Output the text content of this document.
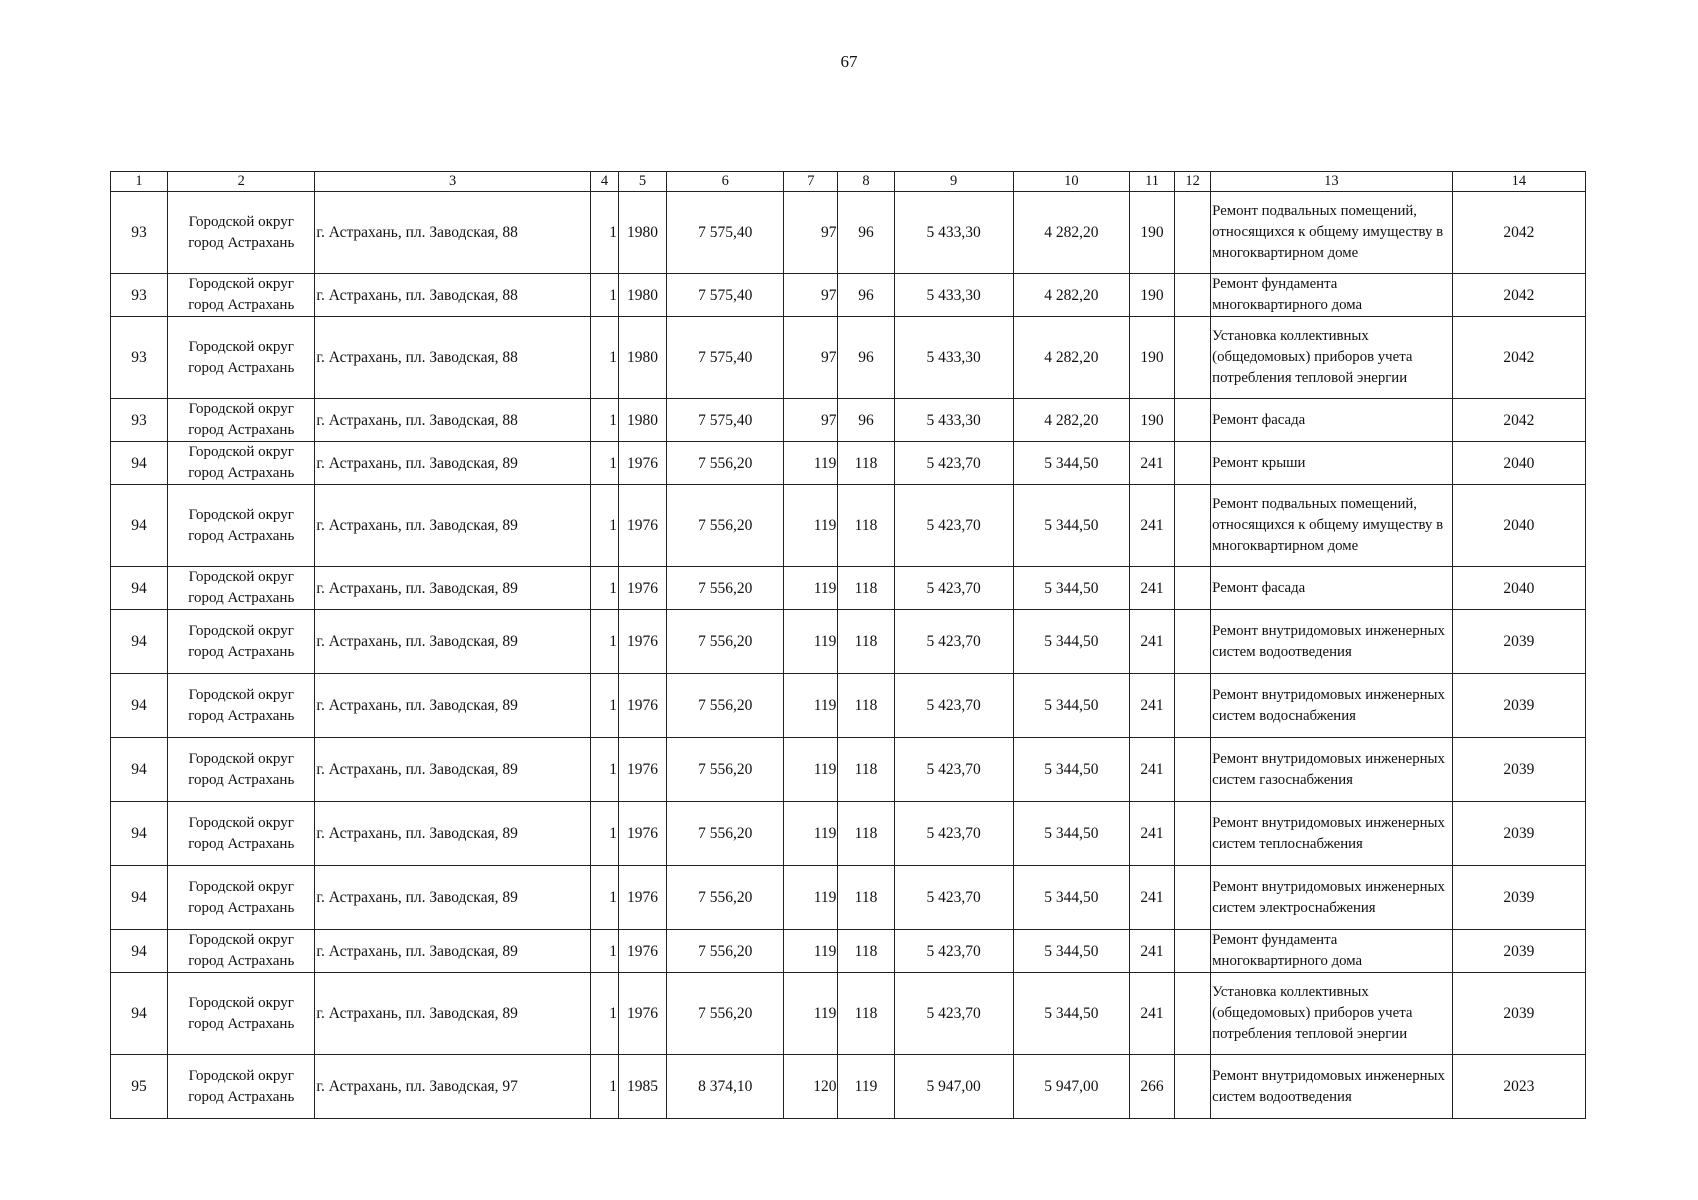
67
1	2	3	4	5	6	7	8	9	10	11	12	13	14
93	Городской округ город Астрахань	г. Астрахань, пл. Заводская, 88	1	1980	7 575,40	97	96	5 433,30	4 282,20	190		Ремонт подвальных помещений, относящихся к общему имуществу в многоквартирном доме	2042
93	Городской округ город Астрахань	г. Астрахань, пл. Заводская, 88	1	1980	7 575,40	97	96	5 433,30	4 282,20	190		Ремонт фундамента многоквартирного дома	2042
93	Городской округ город Астрахань	г. Астрахань, пл. Заводская, 88	1	1980	7 575,40	97	96	5 433,30	4 282,20	190		Установка коллективных (общедомовых) приборов учета потребления тепловой энергии	2042
93	Городской округ город Астрахань	г. Астрахань, пл. Заводская, 88	1	1980	7 575,40	97	96	5 433,30	4 282,20	190		Ремонт фасада	2042
94	Городской округ город Астрахань	г. Астрахань, пл. Заводская, 89	1	1976	7 556,20	119	118	5 423,70	5 344,50	241		Ремонт крыши	2040
94	Городской округ город Астрахань	г. Астрахань, пл. Заводская, 89	1	1976	7 556,20	119	118	5 423,70	5 344,50	241		Ремонт подвальных помещений, относящихся к общему имуществу в многоквартирном доме	2040
94	Городской округ город Астрахань	г. Астрахань, пл. Заводская, 89	1	1976	7 556,20	119	118	5 423,70	5 344,50	241		Ремонт фасада	2040
94	Городской округ город Астрахань	г. Астрахань, пл. Заводская, 89	1	1976	7 556,20	119	118	5 423,70	5 344,50	241		Ремонт внутридомовых инженерных систем водоотведения	2039
94	Городской округ город Астрахань	г. Астрахань, пл. Заводская, 89	1	1976	7 556,20	119	118	5 423,70	5 344,50	241		Ремонт внутридомовых инженерных систем водоснабжения	2039
94	Городской округ город Астрахань	г. Астрахань, пл. Заводская, 89	1	1976	7 556,20	119	118	5 423,70	5 344,50	241		Ремонт внутридомовых инженерных систем газоснабжения	2039
94	Городской округ город Астрахань	г. Астрахань, пл. Заводская, 89	1	1976	7 556,20	119	118	5 423,70	5 344,50	241		Ремонт внутридомовых инженерных систем теплоснабжения	2039
94	Городской округ город Астрахань	г. Астрахань, пл. Заводская, 89	1	1976	7 556,20	119	118	5 423,70	5 344,50	241		Ремонт внутридомовых инженерных систем электроснабжения	2039
94	Городской округ город Астрахань	г. Астрахань, пл. Заводская, 89	1	1976	7 556,20	119	118	5 423,70	5 344,50	241		Ремонт фундамента многоквартирного дома	2039
94	Городской округ город Астрахань	г. Астрахань, пл. Заводская, 89	1	1976	7 556,20	119	118	5 423,70	5 344,50	241		Установка коллективных (общедомовых) приборов учета потребления тепловой энергии	2039
95	Городской округ город Астрахань	г. Астрахань, пл. Заводская, 97	1	1985	8 374,10	120	119	5 947,00	5 947,00	266		Ремонт внутридомовых инженерных систем водоотведения	2023
